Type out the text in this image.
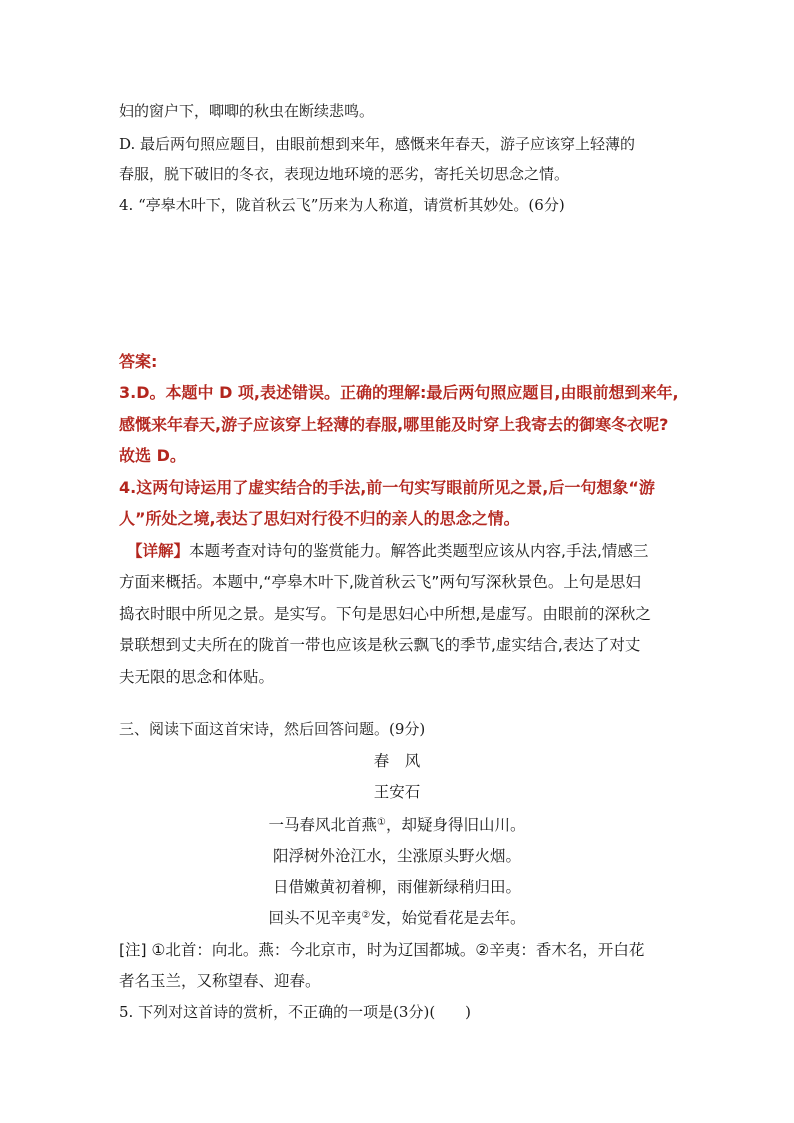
妇的窗户下，唧唧的秋虫在断续悲鸣。
D. 最后两句照应题目，由眼前想到来年，感慨来年春天，游子应该穿上轻薄的
春服，脱下破旧的冬衣，表现边地环境的恶劣，寄托关切思念之情。
4. “亭皋木叶下，陇首秋云飞”历来为人称道，请赏析其妙处。(6分)
答案:
3.D。本题中 D 项,表述错误。正确的理解:最后两句照应题目,由眼前想到来年,
感慨来年春天,游子应该穿上轻薄的春服,哪里能及时穿上我寄去的御寒冬衣呢?
故选 D。
4.这两句诗运用了虚实结合的手法,前一句实写眼前所见之景,后一句想象“游
人”所处之境,表达了思妇对行役不归的亲人的思念之情。
【详解】本题考查对诗句的鉴赏能力。解答此类题型应该从内容,手法,情感三
方面来概括。本题中,“亭皋木叶下,陇首秋云飞”两句写深秋景色。上句是思妇
捣衣时眼中所见之景。是实写。下句是思妇心中所想,是虚写。由眼前的深秋之
景联想到丈夫所在的陇首一带也应该是秋云飘飞的季节,虚实结合,表达了对丈
夫无限的思念和体贴。
三、阅读下面这首宋诗，然后回答问题。(9分)
春　风
王安石
一马春风北首燕①，却疑身得旧山川。
阳浮树外沧江水，尘涨原头野火烟。
日借嫩黄初着柳，雨催新绿稍归田。
回头不见辛夷②发，始觉看花是去年。
[注] ①北首：向北。燕：今北京市，时为辽国都城。②辛夷：香木名，开白花
者名玉兰，又称望春、迎春。
5. 下列对这首诗的赏析，不正确的一项是(3分)(　　)
